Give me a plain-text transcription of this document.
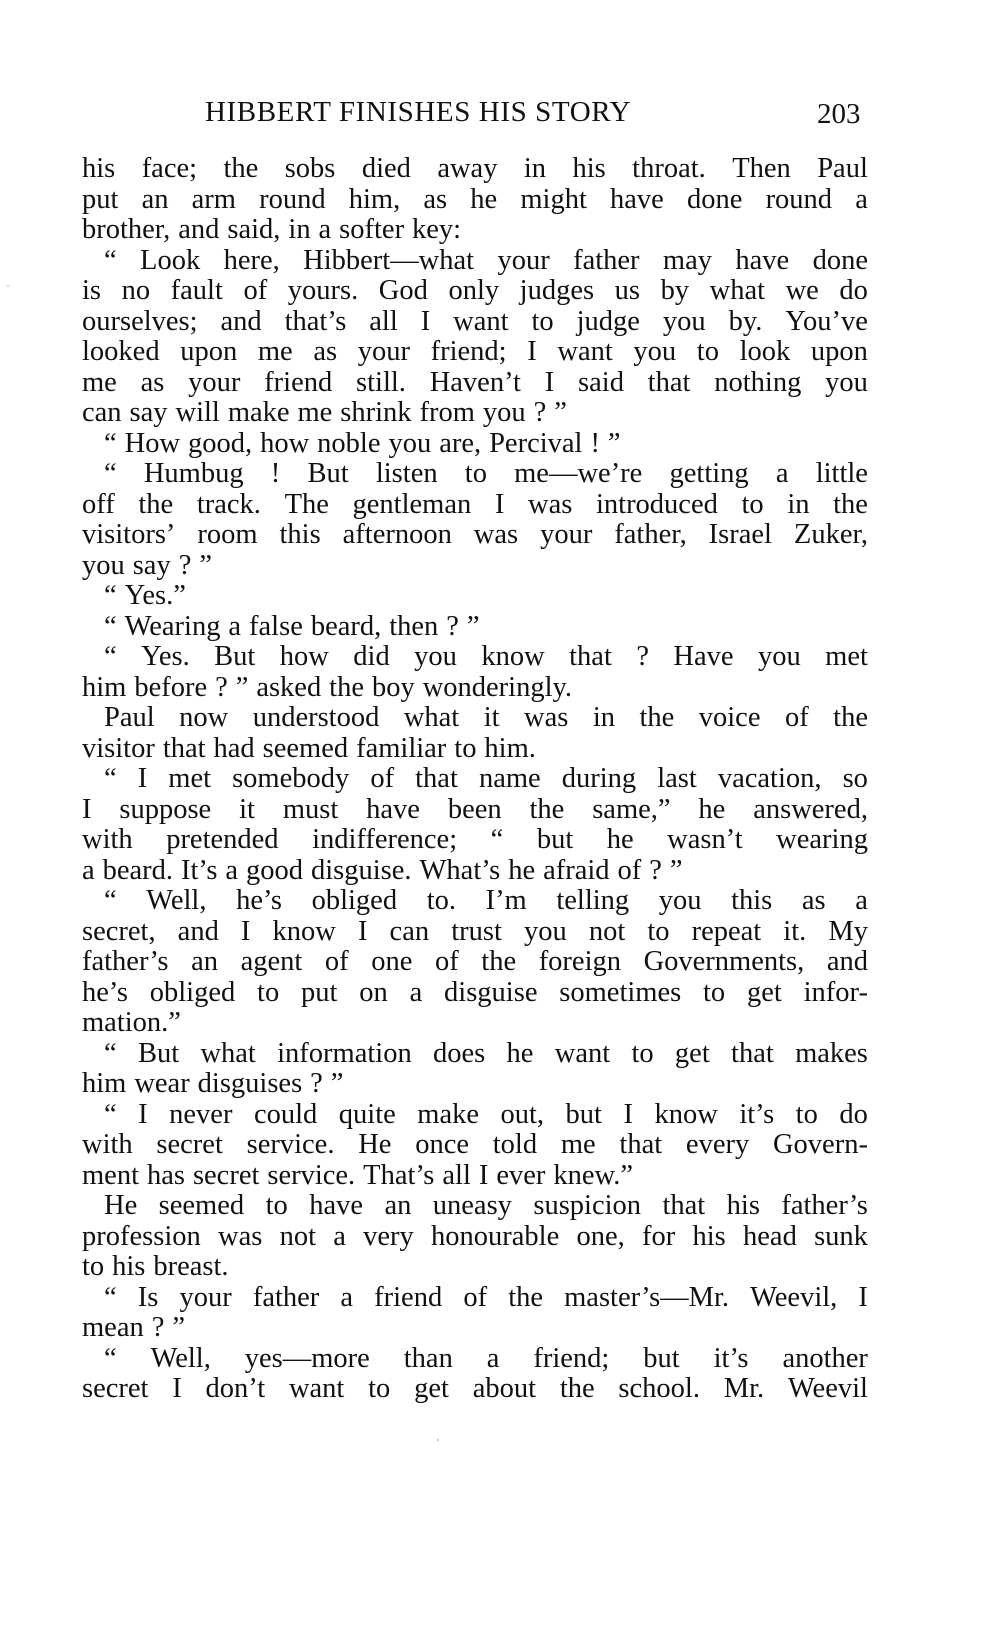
HIBBERT FINISHES HIS STORY	203
his face; the sobs died away in his throat. Then Paul
put an arm round him, as he might have done round a
brother, and said, in a softer key:
“ Look here, Hibbert—what your father may have done
is no fault of yours. God only judges us by what we do
ourselves; and that’s all I want to judge you by. You’ve
looked upon me as your friend; I want you to look upon
me as your friend still. Haven’t I said that nothing you
can say will make me shrink from you ? ”
“ How good, how noble you are, Percival ! ”
“ Humbug ! But listen to me—we’re getting a little
off the track. The gentleman I was introduced to in the
visitors’ room this afternoon was your father, Israel Zuker,
you say ? ”
“ Yes.”
“ Wearing a false beard, then ? ”
“ Yes. But how did you know that ? Have you met
him before ? ” asked the boy wonderingly.
Paul now understood what it was in the voice of the
visitor that had seemed familiar to him.
“ I met somebody of that name during last vacation, so
I suppose it must have been the same,” he answered,
with pretended indifference; “ but he wasn’t wearing
a beard. It’s a good disguise. What’s he afraid of ? ”
“ Well, he’s obliged to. I’m telling you this as a
secret, and I know I can trust you not to repeat it. My
father’s an agent of one of the foreign Governments, and
he’s obliged to put on a disguise sometimes to get infor-
mation.”
“ But what information does he want to get that makes
him wear disguises ? ”
“ I never could quite make out, but I know it’s to do
with secret service. He once told me that every Govern-
ment has secret service. That’s all I ever knew.”
He seemed to have an uneasy suspicion that his father’s
profession was not a very honourable one, for his head sunk
to his breast.
“ Is your father a friend of the master’s—Mr. Weevil, I
mean ? ”
“ Well, yes—more than a friend; but it’s another
secret I don’t want to get about the school. Mr. Weevil
